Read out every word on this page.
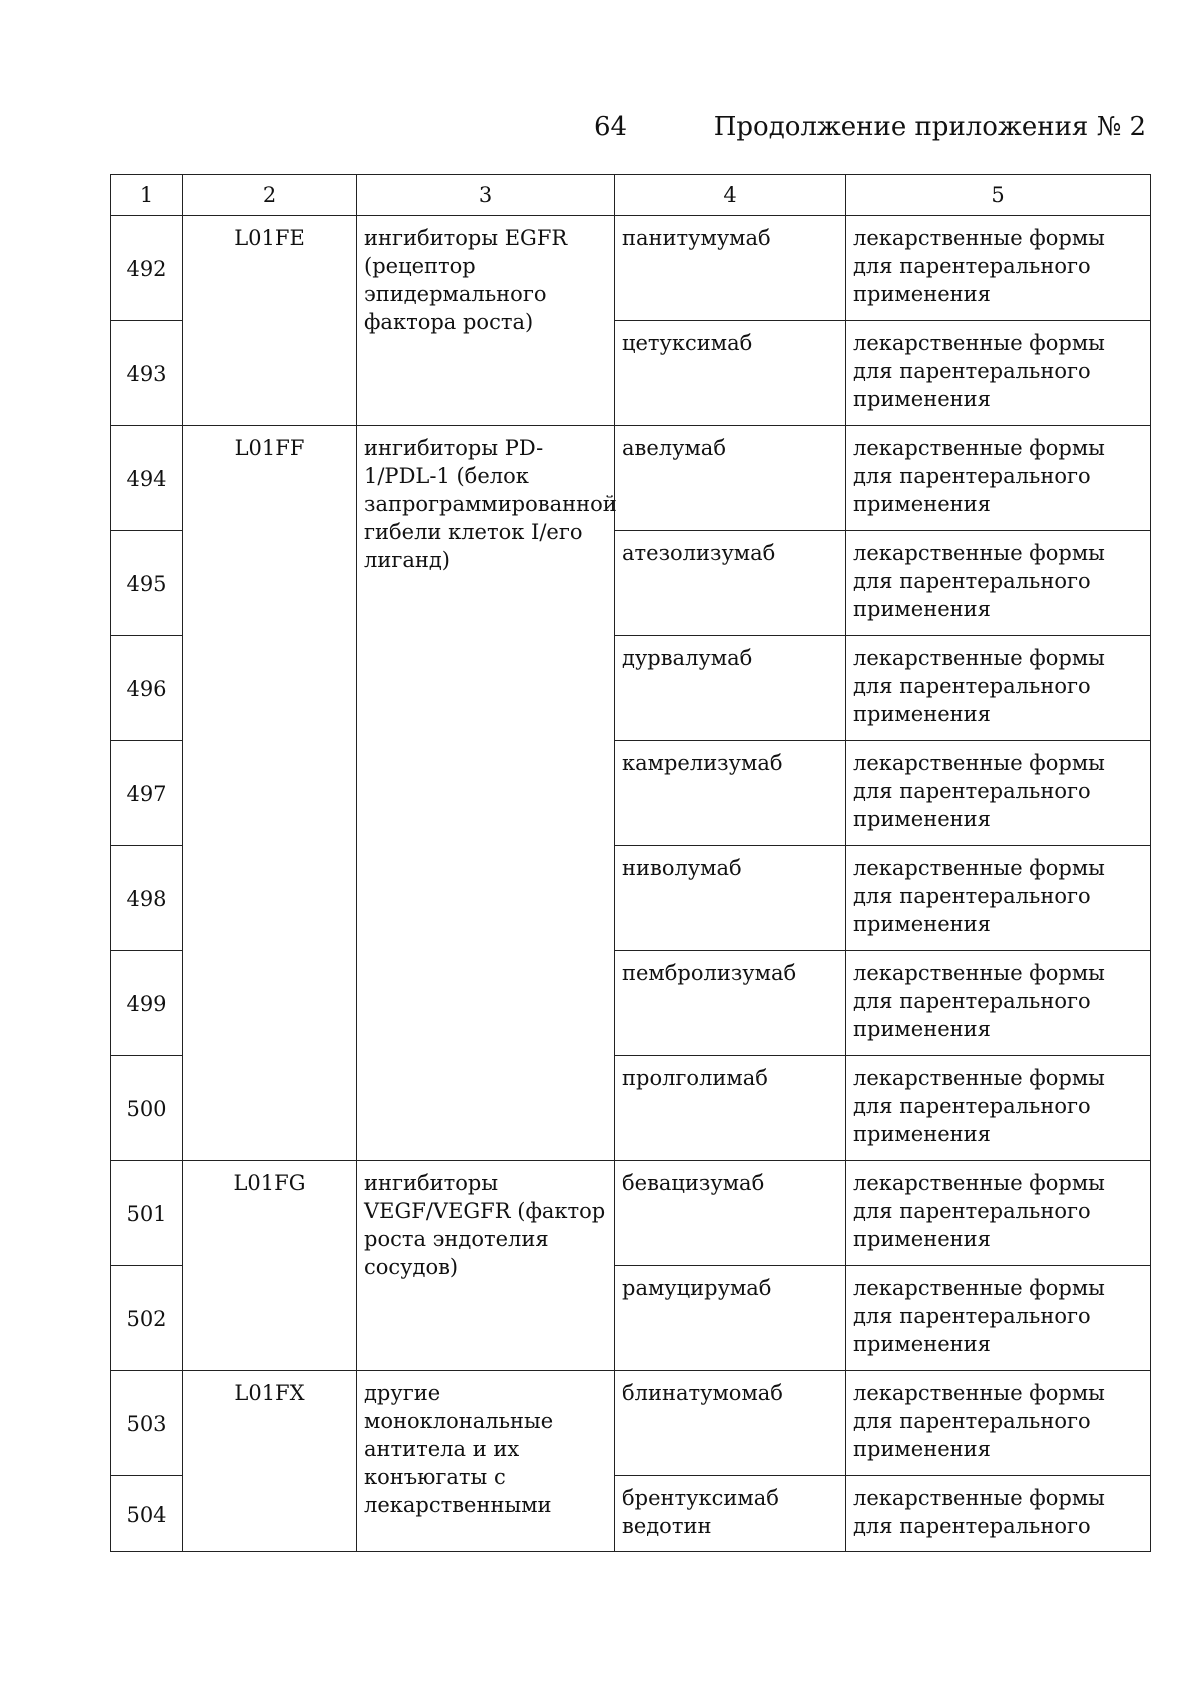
64	Продолжение приложения № 2
1	2	3	4	5
492	L01FE	ингибиторы EGFR (рецептор эпидермального фактора роста)	панитумумаб	лекарственные формы для парентерального применения
493			цетуксимаб	лекарственные формы для парентерального применения
494	L01FF	ингибиторы PD-1/PDL-1 (белок запрограммированной гибели клеток I/его лиганд)	авелумаб	лекарственные формы для парентерального применения
495			атезолизумаб	лекарственные формы для парентерального применения
496			дурвалумаб	лекарственные формы для парентерального применения
497			камрелизумаб	лекарственные формы для парентерального применения
498			ниволумаб	лекарственные формы для парентерального применения
499			пембролизумаб	лекарственные формы для парентерального применения
500			пролголимаб	лекарственные формы для парентерального применения
501	L01FG	ингибиторы VEGF/VEGFR (фактор роста эндотелия сосудов)	бевацизумаб	лекарственные формы для парентерального применения
502			рамуцирумаб	лекарственные формы для парентерального применения
503	L01FX	другие моноклональные антитела и их конъюгаты с лекарственными	блинатумомаб	лекарственные формы для парентерального применения
504			брентуксимаб ведотин	лекарственные формы для парентерального
